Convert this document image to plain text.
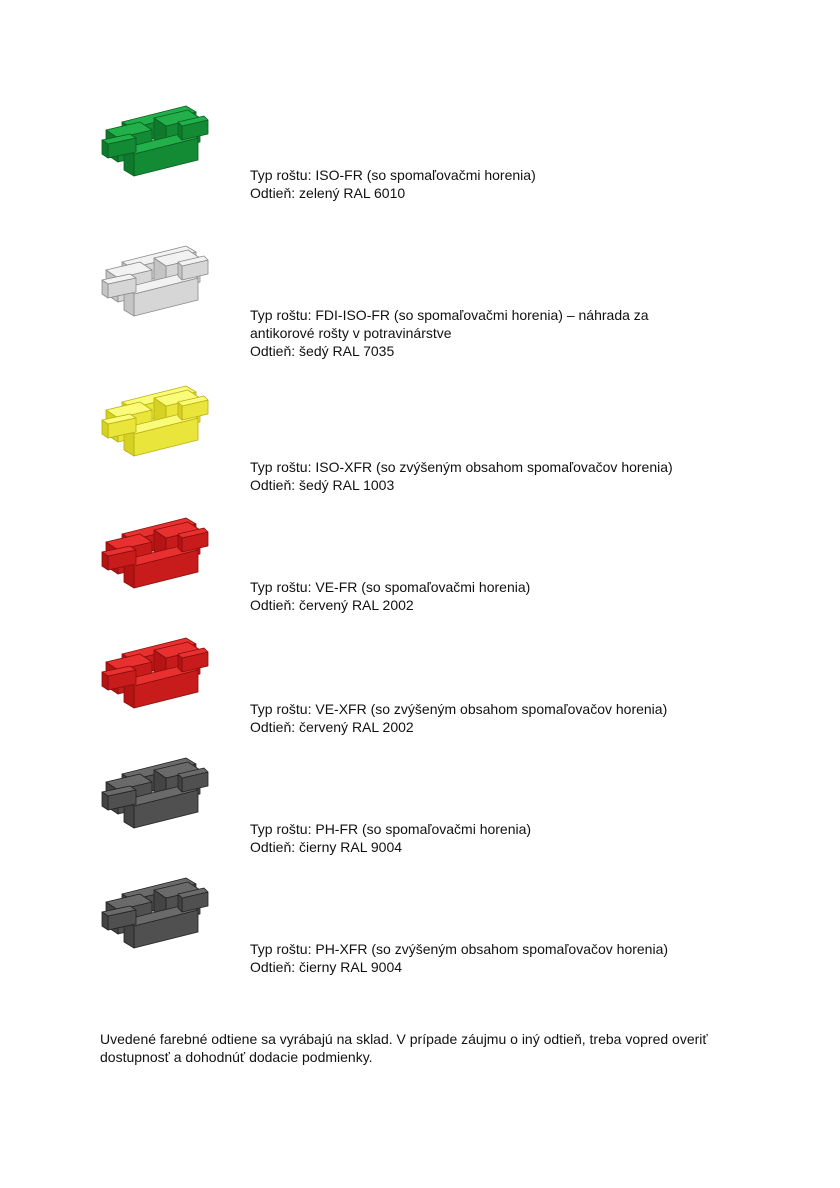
Typ roštu: ISO-FR (so spomaľovačmi horenia)
Odtieň: zelený RAL 6010
Typ roštu: FDI-ISO-FR (so spomaľovačmi horenia) – náhrada za antikorové rošty v potravinárstve
Odtieň: šedý RAL 7035
Typ roštu: ISO-XFR (so zvýšeným obsahom spomaľovačov horenia)
Odtieň: šedý RAL 1003
Typ roštu: VE-FR (so spomaľovačmi horenia)
Odtieň: červený RAL 2002
Typ roštu: VE-XFR (so zvýšeným obsahom spomaľovačov horenia)
Odtieň: červený RAL 2002
Typ roštu: PH-FR (so spomaľovačmi horenia)
Odtieň: čierny RAL 9004
Typ roštu: PH-XFR (so zvýšeným obsahom spomaľovačov horenia)
Odtieň: čierny RAL 9004
Uvedené farebné odtiene sa vyrábajú na sklad. V prípade záujmu o iný odtieň, treba vopred overiť dostupnosť a dohodnúť dodacie podmienky.
